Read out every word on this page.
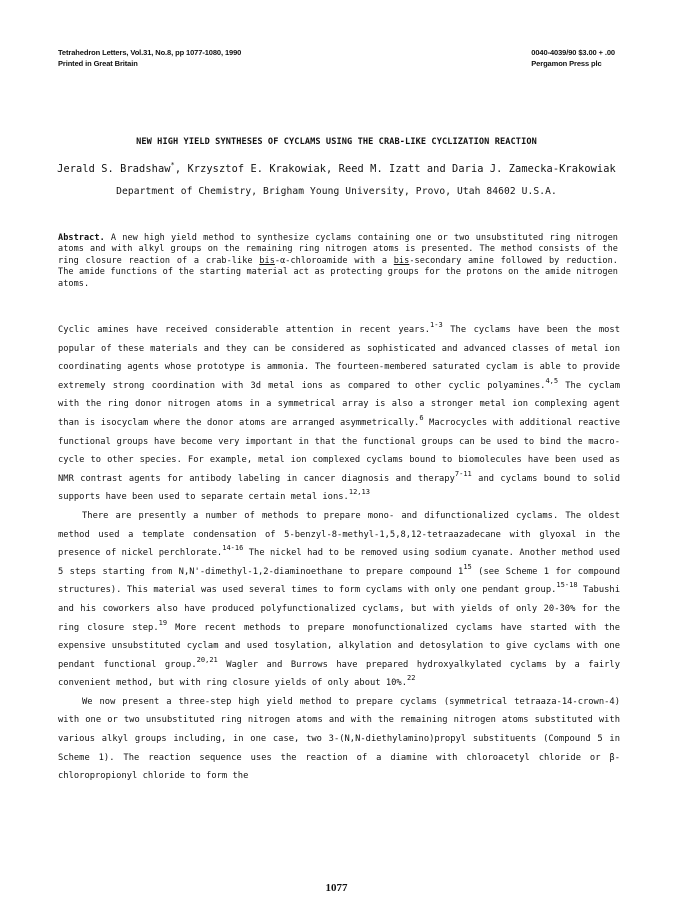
Tetrahedron Letters, Vol.31, No.8, pp 1077-1080, 1990
Printed in Great Britain
0040-4039/90 $3.00 + .00
Pergamon Press plc
NEW HIGH YIELD SYNTHESES OF CYCLAMS USING THE CRAB-LIKE CYCLIZATION REACTION
Jerald S. Bradshaw*, Krzysztof E. Krakowiak, Reed M. Izatt and Daria J. Zamecka-Krakowiak
Department of Chemistry, Brigham Young University, Provo, Utah 84602 U.S.A.
Abstract. A new high yield method to synthesize cyclams containing one or two unsubstituted ring nitrogen atoms and with alkyl groups on the remaining ring nitrogen atoms is presented. The method consists of the ring closure reaction of a crab-like bis-α-chloroamide with a bis-secondary amine followed by reduction. The amide functions of the starting material act as protecting groups for the protons on the amide nitrogen atoms.

Cyclic amines have received considerable attention in recent years.$^{1-3}$ The cyclams have been the most popular of these materials and they can be considered as sophisticated and advanced classes of metal ion coordinating agents whose prototype is ammonia. The fourteen-membered saturated cyclam is able to provide extremely strong coordination with 3d metal ions as compared to other cyclic polyamines.$^{4,5}$ The cyclam with the ring donor nitrogen atoms in a symmetrical array is also a stronger metal ion complexing agent than is isocyclam where the donor atoms are arranged asymmetrically.$^6$ Macrocycles with additional reactive functional groups have become very important in that the functional groups can be used to bind the macro-cycle to other species. For example, metal ion complexed cyclams bound to biomolecules have been used as NMR contrast agents for antibody labeling in cancer diagnosis and therapy$^{7-11}$ and cyclams bound to solid supports have been used to separate certain metal ions.$^{12,13}$

There are presently a number of methods to prepare mono- and difunctionalized cyclams. The oldest method used a template condensation of 5-benzyl-8-methyl-1,5,8,12-tetraazadecane with glyoxal in the presence of nickel perchlorate.$^{14-16}$ The nickel had to be removed using sodium cyanate. Another method used 5 steps starting from N,N'-dimethyl-1,2-diaminoethane to prepare compound $1^{15}$ (see Scheme 1 for compound structures). This material was used several times to form cyclams with only one pendant group.$^{15-18}$ Tabushi and his coworkers also have produced polyfunctionalized cyclams, but with yields of only 20-30% for the ring closure step.$^{19}$ More recent methods to prepare monofunctionalized cyclams have started with the expensive unsubstituted cyclam and used tosylation, alkylation and detosylation to give cyclams with one pendant functional group.$^{20,21}$ Wagler and Burrows have prepared hydroxyalkylated cyclams by a fairly convenient method, but with ring closure yields of only about 10%.$^{22}$

We now present a three-step high yield method to prepare cyclams (symmetrical tetraaza-14-crown-4) with one or two unsubstituted ring nitrogen atoms and with the remaining nitrogen atoms substituted with various alkyl groups including, in one case, two 3-(N,N-diethylamino)propyl substituents (Compound 5 in Scheme 1). The reaction sequence uses the reaction of a diamine with chloroacetyl chloride or β-chloropropionyl chloride to form the

1077
